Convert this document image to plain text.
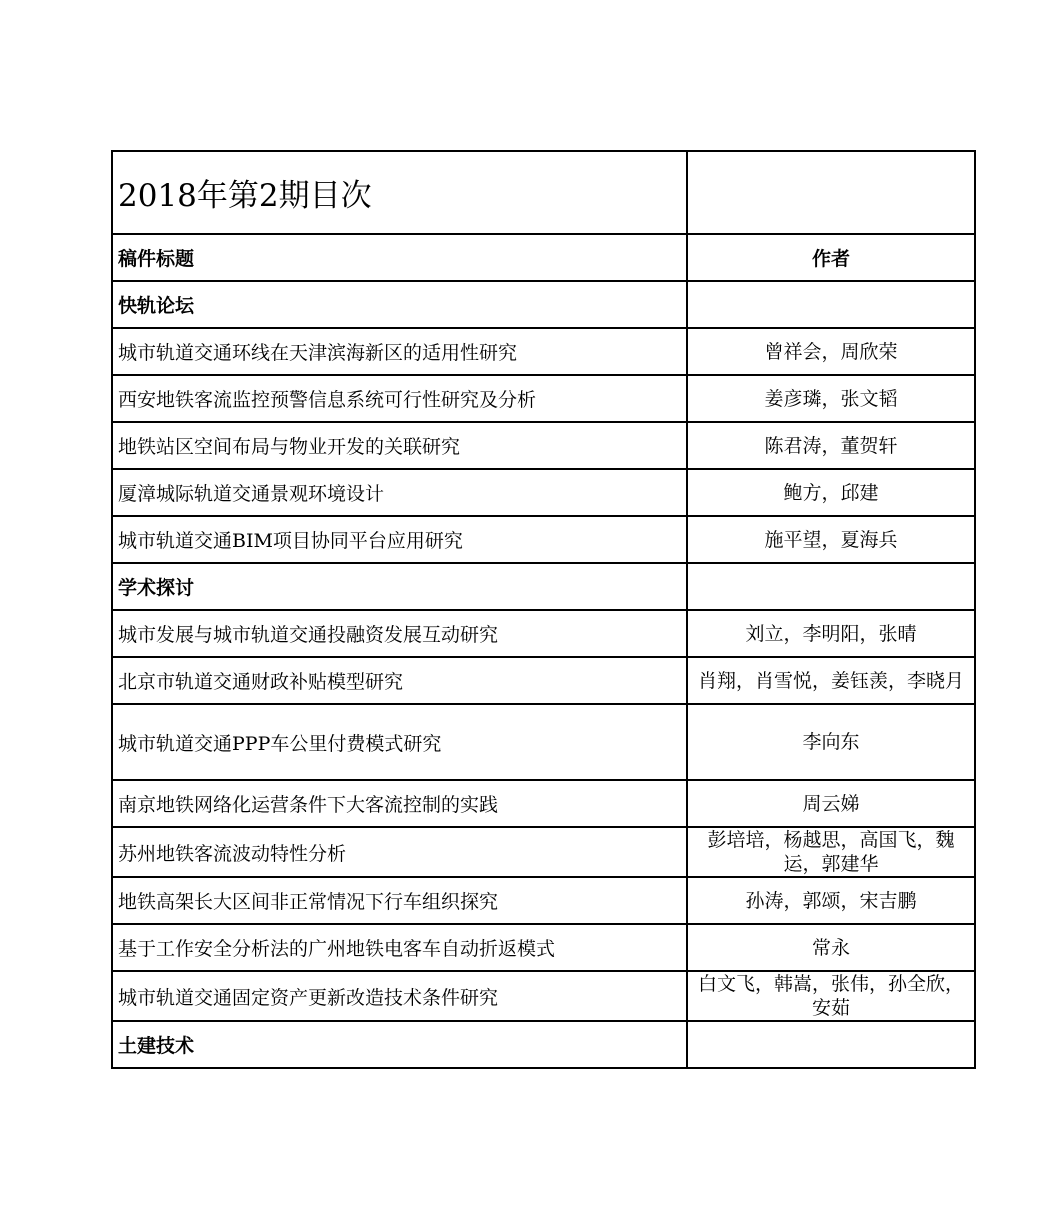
2018年第2期目次	
稿件标题	作者
快轨论坛	
城市轨道交通环线在天津滨海新区的适用性研究	曾祥会，周欣荣
西安地铁客流监控预警信息系统可行性研究及分析	姜彦璘，张文韬
地铁站区空间布局与物业开发的关联研究	陈君涛，董贺轩
厦漳城际轨道交通景观环境设计	鲍方，邱建
城市轨道交通BIM项目协同平台应用研究	施平望，夏海兵
学术探讨	
城市发展与城市轨道交通投融资发展互动研究	刘立，李明阳，张晴
北京市轨道交通财政补贴模型研究	肖翔，肖雪悦，姜钰羡，李晓月
城市轨道交通PPP车公里付费模式研究	李向东
南京地铁网络化运营条件下大客流控制的实践	周云娣
苏州地铁客流波动特性分析	彭培培，杨越思，高国飞，魏运，郭建华
地铁高架长大区间非正常情况下行车组织探究	孙涛，郭颂，宋吉鹏
基于工作安全分析法的广州地铁电客车自动折返模式	常永
城市轨道交通固定资产更新改造技术条件研究	白文飞，韩嵩，张伟，孙全欣，安茹
土建技术	
